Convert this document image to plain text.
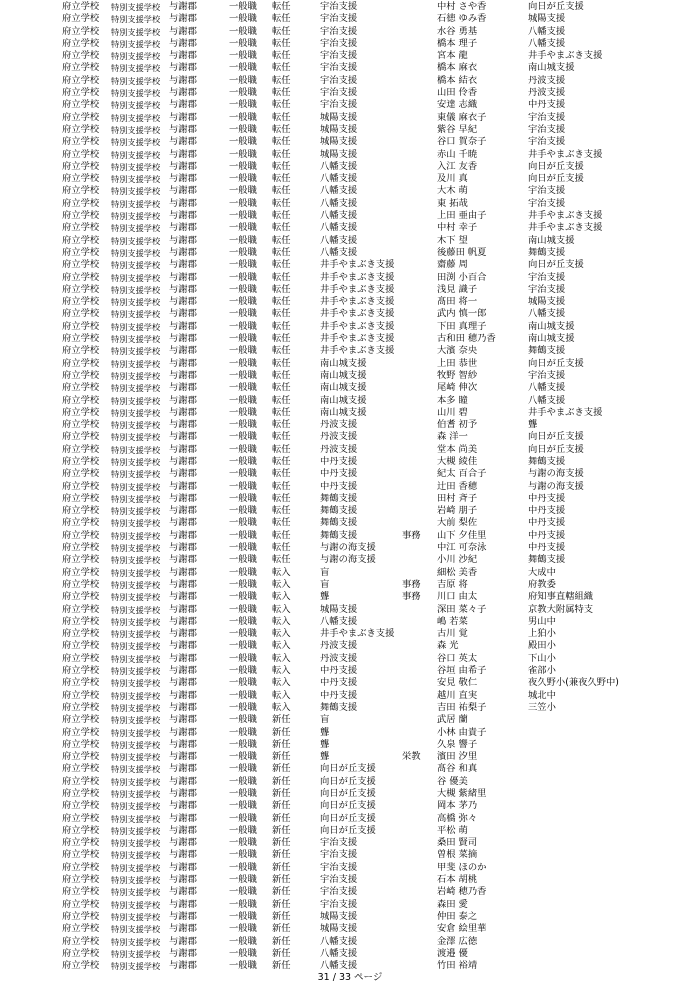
府立学校 特別支援学校 与謝郡	一般職 転任	宇治支援	中村 さや香	向日が丘支援
府立学校 特別支援学校 与謝郡	一般職 転任	宇治支援	石徳 ゆみ香	城陽支援
府立学校 特別支援学校 与謝郡	一般職 転任	宇治支援	水谷 勇基	八幡支援
府立学校 特別支援学校 与謝郡	一般職 転任	宇治支援	橋本 理子	八幡支援
府立学校 特別支援学校 与謝郡	一般職 転任	宇治支援	宮本 龍	井手やまぶき支援
府立学校 特別支援学校 与謝郡	一般職 転任	宇治支援	橋本 麻衣	南山城支援
府立学校 特別支援学校 与謝郡	一般職 転任	宇治支援	橋本 結衣	丹波支援
府立学校 特別支援学校 与謝郡	一般職 転任	宇治支援	山田 伶香	丹波支援
府立学校 特別支援学校 与謝郡	一般職 転任	宇治支援	安達 志織	中丹支援
府立学校 特別支援学校 与謝郡	一般職 転任	城陽支援	東儀 麻衣子	宇治支援
府立学校 特別支援学校 与謝郡	一般職 転任	城陽支援	紫谷 早紀	宇治支援
府立学校 特別支援学校 与謝郡	一般職 転任	城陽支援	谷口 賀奈子	宇治支援
府立学校 特別支援学校 与謝郡	一般職 転任	城陽支援	赤山 千暁	井手やまぶき支援
府立学校 特別支援学校 与謝郡	一般職 転任	八幡支援	入江 友香	向日が丘支援
府立学校 特別支援学校 与謝郡	一般職 転任	八幡支援	及川 真	向日が丘支援
府立学校 特別支援学校 与謝郡	一般職 転任	八幡支援	大木 萌	宇治支援
府立学校 特別支援学校 与謝郡	一般職 転任	八幡支援	東 拓哉	宇治支援
府立学校 特別支援学校 与謝郡	一般職 転任	八幡支援	上田 亜由子	井手やまぶき支援
府立学校 特別支援学校 与謝郡	一般職 転任	八幡支援	中村 幸子	井手やまぶき支援
府立学校 特別支援学校 与謝郡	一般職 転任	八幡支援	木下 望	南山城支援
府立学校 特別支援学校 与謝郡	一般職 転任	八幡支援	後藤田 帆夏	舞鶴支援
府立学校 特別支援学校 与謝郡	一般職 転任	井手やまぶき支援	齋藤 周	向日が丘支援
府立学校 特別支援学校 与謝郡	一般職 転任	井手やまぶき支援	田渕 小百合	宇治支援
府立学校 特別支援学校 与謝郡	一般職 転任	井手やまぶき支援	浅見 識子	宇治支援
府立学校 特別支援学校 与謝郡	一般職 転任	井手やまぶき支援	髙田 将一	城陽支援
府立学校 特別支援学校 与謝郡	一般職 転任	井手やまぶき支援	武内 慎一郎	八幡支援
府立学校 特別支援学校 与謝郡	一般職 転任	井手やまぶき支援	下田 真理子	南山城支援
府立学校 特別支援学校 与謝郡	一般職 転任	井手やまぶき支援	古和田 穂乃香	南山城支援
府立学校 特別支援学校 与謝郡	一般職 転任	井手やまぶき支援	大濱 奈央	舞鶴支援
府立学校 特別支援学校 与謝郡	一般職 転任	南山城支援	上田 恭世	向日が丘支援
府立学校 特別支援学校 与謝郡	一般職 転任	南山城支援	牧野 智紗	宇治支援
府立学校 特別支援学校 与謝郡	一般職 転任	南山城支援	尾崎 伸次	八幡支援
府立学校 特別支援学校 与謝郡	一般職 転任	南山城支援	本多 瞳	八幡支援
府立学校 特別支援学校 与謝郡	一般職 転任	南山城支援	山川 碧	井手やまぶき支援
府立学校 特別支援学校 与謝郡	一般職 転任	丹波支援	伯耆 初予	聾
府立学校 特別支援学校 与謝郡	一般職 転任	丹波支援	森 洋一	向日が丘支援
府立学校 特別支援学校 与謝郡	一般職 転任	丹波支援	堂本 尚美	向日が丘支援
府立学校 特別支援学校 与謝郡	一般職 転任	中丹支援	大槻 綾佳	舞鶴支援
府立学校 特別支援学校 与謝郡	一般職 転任	中丹支援	紀太 百合子	与謝の海支援
府立学校 特別支援学校 与謝郡	一般職 転任	中丹支援	辻田 香穂	与謝の海支援
府立学校 特別支援学校 与謝郡	一般職 転任	舞鶴支援	田村 斉子	中丹支援
府立学校 特別支援学校 与謝郡	一般職 転任	舞鶴支援	岩崎 朋子	中丹支援
府立学校 特別支援学校 与謝郡	一般職 転任	舞鶴支援	大前 梨佐	中丹支援
府立学校 特別支援学校 与謝郡	一般職 転任	舞鶴支援	事務 山下 夕佳里	中丹支援
府立学校 特別支援学校 与謝郡	一般職 転任	与謝の海支援	中江 可奈泳	中丹支援
府立学校 特別支援学校 与謝郡	一般職 転任	与謝の海支援	小川 沙紀	舞鶴支援
府立学校 特別支援学校 与謝郡	一般職 転入	盲	細松 美香	大成中
府立学校 特別支援学校 与謝郡	一般職 転入	盲	事務 吉原 将	府教委
府立学校 特別支援学校 与謝郡	一般職 転入	聾	事務 川口 由太	府知事直轄組織
府立学校 特別支援学校 与謝郡	一般職 転入	城陽支援	深田 菜々子	京教大附属特支
府立学校 特別支援学校 与謝郡	一般職 転入	八幡支援	嶋 若菜	男山中
府立学校 特別支援学校 与謝郡	一般職 転入	井手やまぶき支援	古川 覚	上狛小
府立学校 特別支援学校 与謝郡	一般職 転入	丹波支援	森 光	殿田小
府立学校 特別支援学校 与謝郡	一般職 転入	丹波支援	谷口 英太	下山小
府立学校 特別支援学校 与謝郡	一般職 転入	中丹支援	谷垣 由希子	雀部小
府立学校 特別支援学校 与謝郡	一般職 転入	中丹支援	安見 敬仁	夜久野小(兼夜久野中)
府立学校 特別支援学校 与謝郡	一般職 転入	中丹支援	越川 直実	城北中
府立学校 特別支援学校 与謝郡	一般職 転入	舞鶴支援	吉田 祐梨子	三笠小
府立学校 特別支援学校 与謝郡	一般職 新任	盲	武居 蘭
府立学校 特別支援学校 与謝郡	一般職 新任	聾	小林 由貴子
府立学校 特別支援学校 与謝郡	一般職 新任	聾	久泉 響子
府立学校 特別支援学校 与謝郡	一般職 新任	聾	栄教 濱田 汐里
府立学校 特別支援学校 与謝郡	一般職 新任	向日が丘支援	髙谷 和真
府立学校 特別支援学校 与謝郡	一般職 新任	向日が丘支援	谷 優美
府立学校 特別支援学校 与謝郡	一般職 新任	向日が丘支援	大槻 紫緒里
府立学校 特別支援学校 与謝郡	一般職 新任	向日が丘支援	岡本 茅乃
府立学校 特別支援学校 与謝郡	一般職 新任	向日が丘支援	高橋 弥々
府立学校 特別支援学校 与謝郡	一般職 新任	向日が丘支援	平松 萌
府立学校 特別支援学校 与謝郡	一般職 新任	宇治支援	桑田 賢司
府立学校 特別支援学校 与謝郡	一般職 新任	宇治支援	曽根 菜摘
府立学校 特別支援学校 与謝郡	一般職 新任	宇治支援	甲斐 ほのか
府立学校 特別支援学校 与謝郡	一般職 新任	宇治支援	石本 胡桃
府立学校 特別支援学校 与謝郡	一般職 新任	宇治支援	岩崎 穂乃香
府立学校 特別支援学校 与謝郡	一般職 新任	宇治支援	森田 愛
府立学校 特別支援学校 与謝郡	一般職 新任	城陽支援	仲田 泰之
府立学校 特別支援学校 与謝郡	一般職 新任	城陽支援	安倉 絵里華
府立学校 特別支援学校 与謝郡	一般職 新任	八幡支援	金澤 広徳
府立学校 特別支援学校 与謝郡	一般職 新任	八幡支援	渡邉 優
府立学校 特別支援学校 与謝郡	一般職 新任	八幡支援	竹田 裕靖
31 / 33 ページ
